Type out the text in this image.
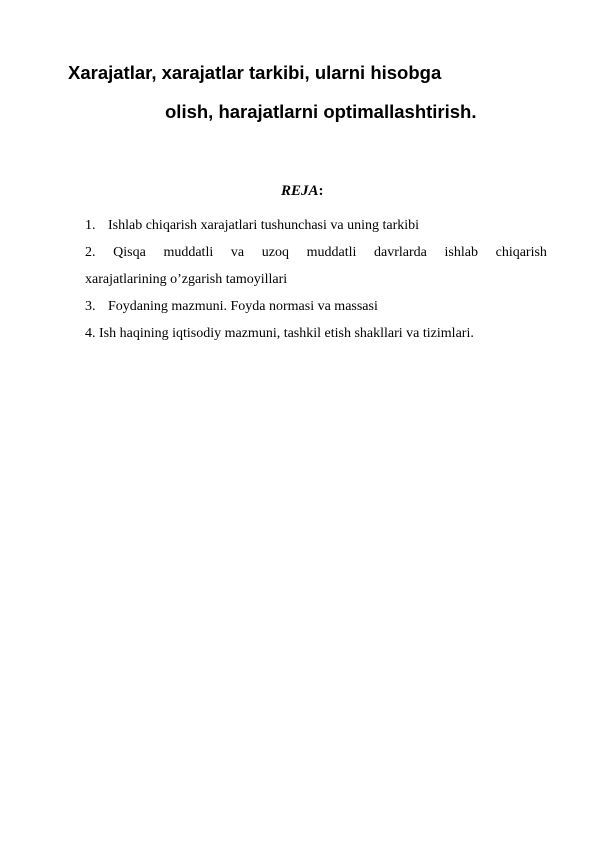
Xarajatlar, xarajatlar tarkibi, ularni hisobga
olish, harajatlarni optimallashtirish.
REJA:
1. Ishlab chiqarish xarajatlari tushunchasi va uning tarkibi
2. Qisqa muddatli va uzoq muddatli davrlarda ishlab chiqarish
xarajatlarining o’zgarish tamoyillari
3. Foydaning mazmuni. Foyda normasi va massasi
4. Ish haqining iqtisodiy mazmuni, tashkil etish shakllari va tizimlari.
